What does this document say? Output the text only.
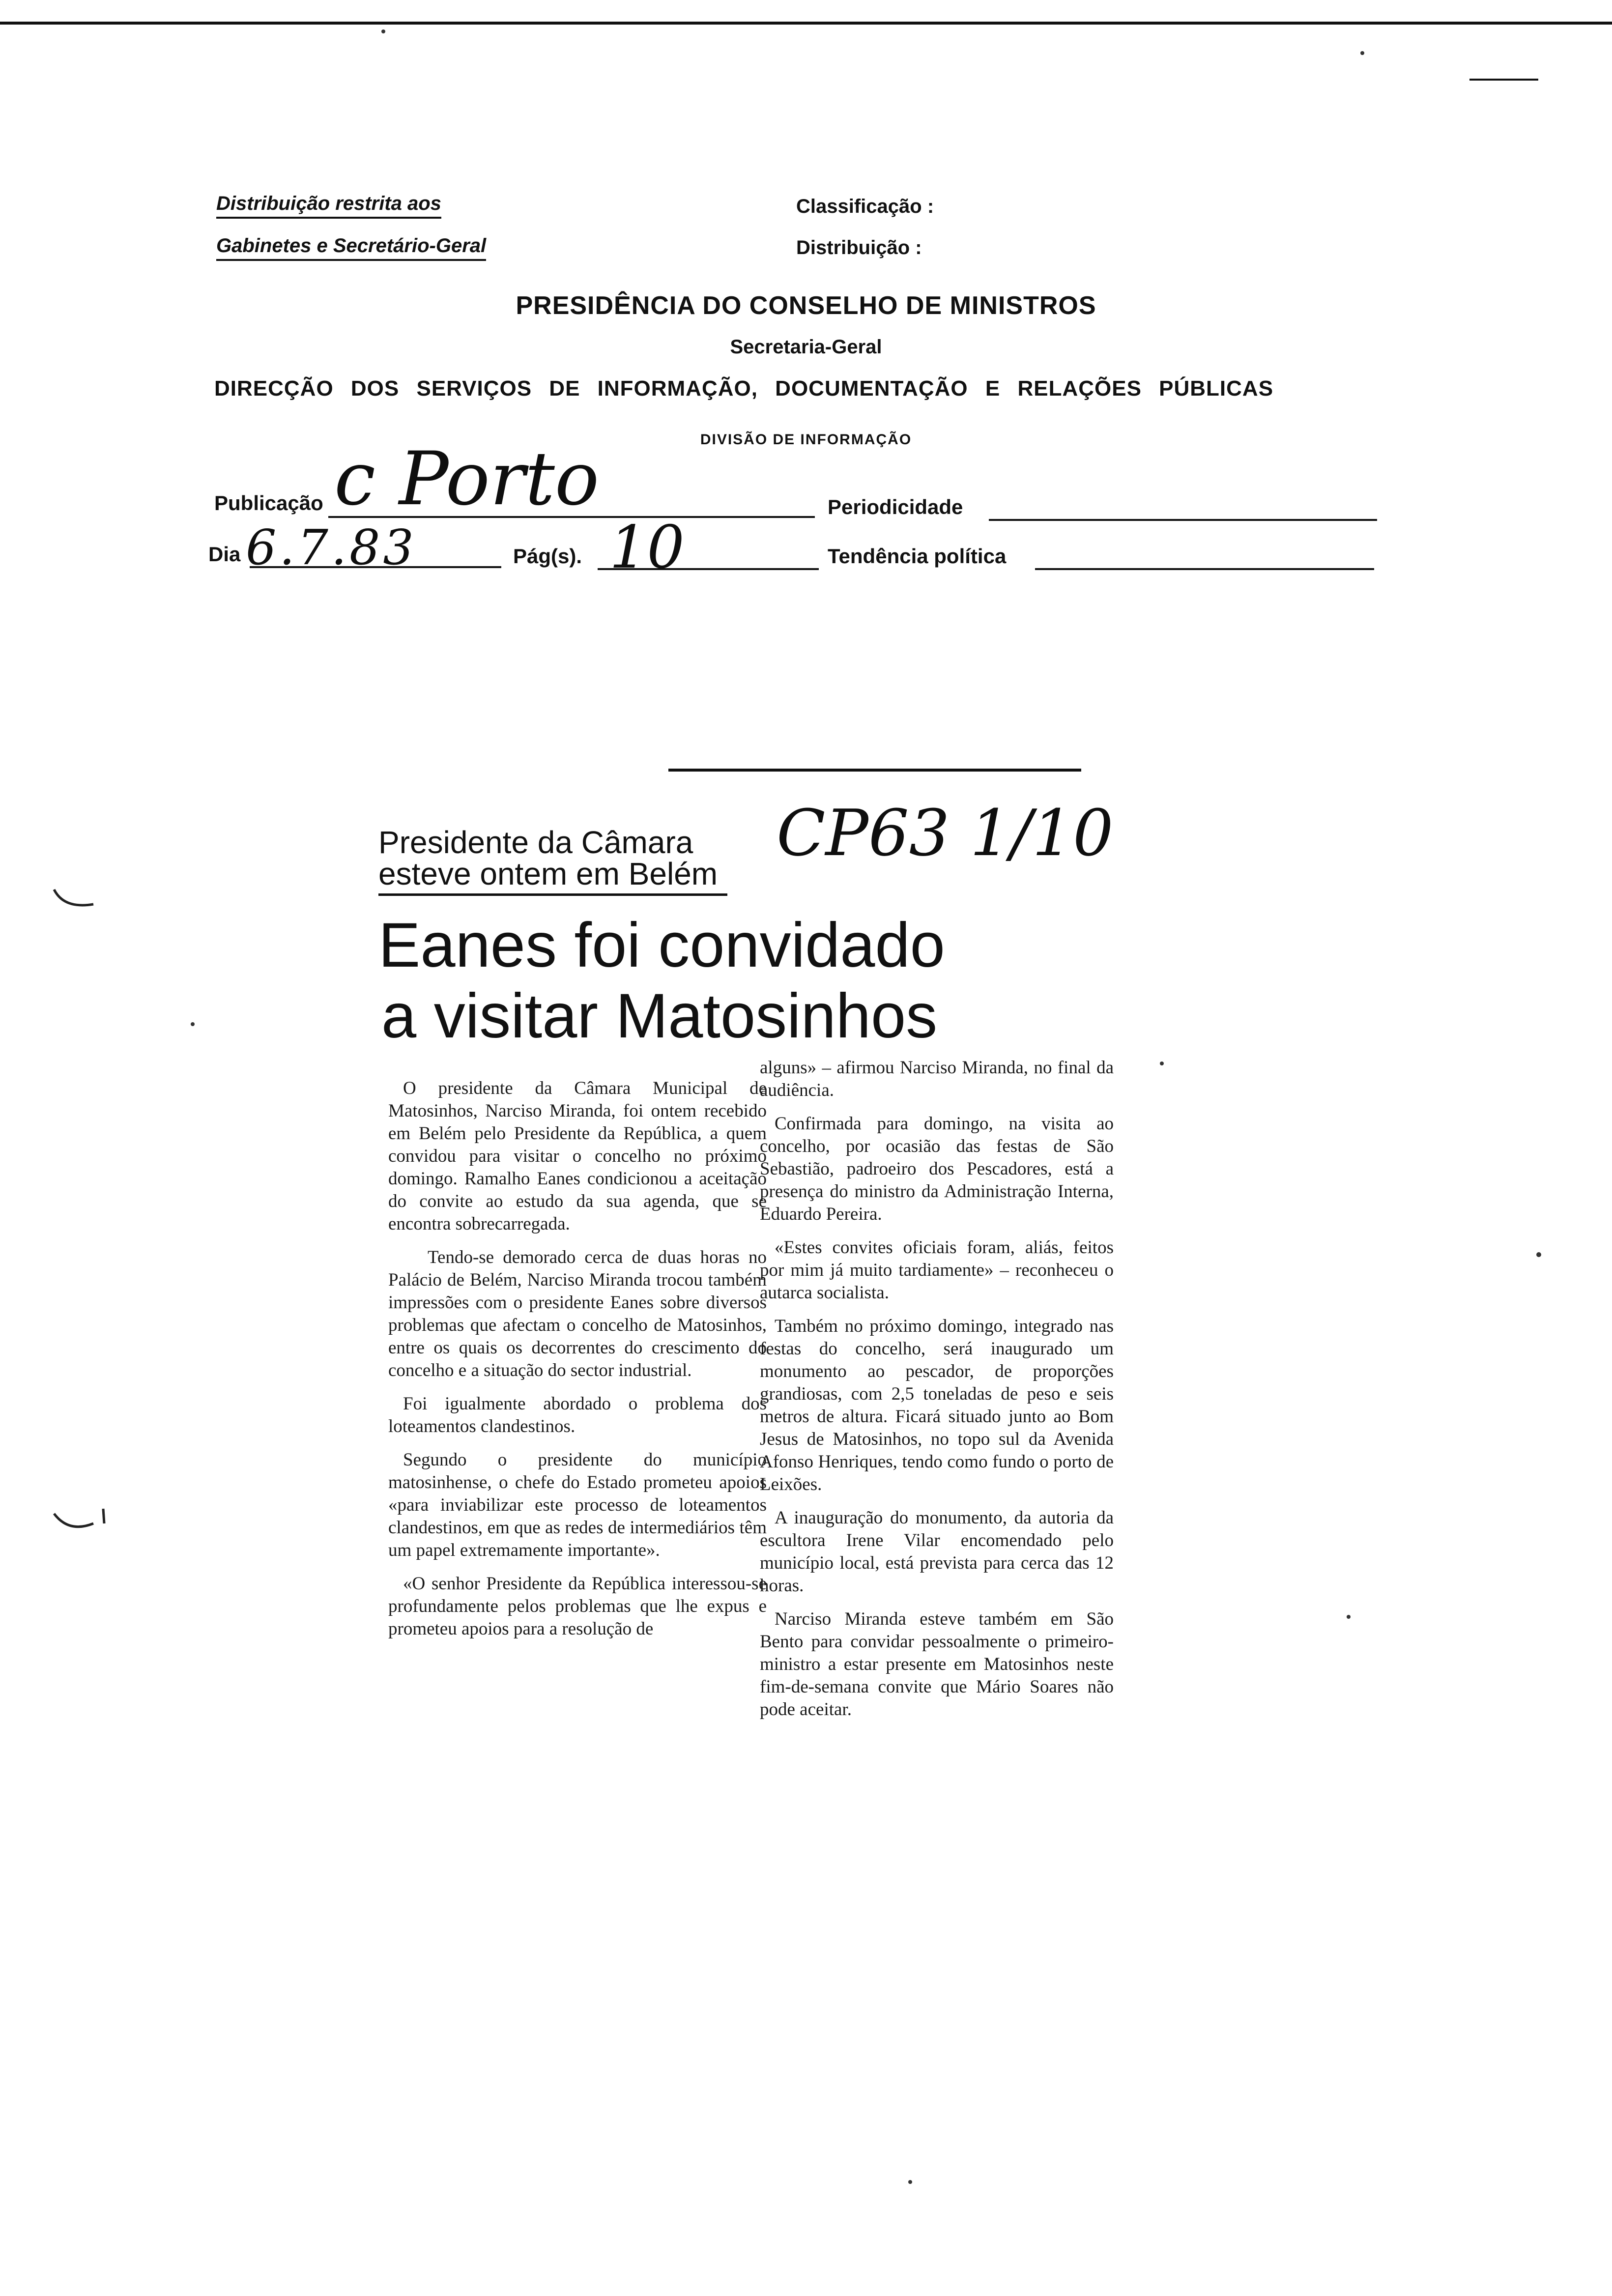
Distribuição restrita aos
Gabinetes e Secretário-Geral
Classificação :
Distribuição :
PRESIDÊNCIA DO CONSELHO DE MINISTROS
Secretaria-Geral
DIRECÇÃO DOS SERVIÇOS DE INFORMAÇÃO, DOCUMENTAÇÃO E RELAÇÕES PÚBLICAS
DIVISÃO DE INFORMAÇÃO
Publicação c Porto	Periodicidade
Dia 6.7.83	Pág(s). 10	Tendência política
CP63 1/10
Presidente da Câmara
esteve ontem em Belém
Eanes foi convidado
a visitar Matosinhos

O presidente da Câmara Municipal de Matosinhos, Narciso Miranda, foi ontem recebido em Belém pelo Presidente da República, a quem convidou para visitar o concelho no próximo domingo. Ramalho Eanes condicionou a aceitação do convite ao estudo da sua agenda, que se encontra sobrecarregada.

Tendo-se demorado cerca de duas horas no Palácio de Belém, Narciso Miranda trocou também impressões com o presidente Eanes sobre diversos problemas que afectam o concelho de Matosinhos, entre os quais os decorrentes do crescimento do concelho e a situação do sector industrial.

Foi igualmente abordado o problema dos loteamentos clandestinos.

Segundo o presidente do município matosinhense, o chefe do Estado prometeu apoios «para inviabilizar este processo de loteamentos clandestinos, em que as redes de intermediários têm um papel extremamente importante».

«O senhor Presidente da República interessou-se profundamente pelos problemas que lhe expus e prometeu apoios para a resolução de

alguns» – afirmou Narciso Miranda, no final da audiência.

Confirmada para domingo, na visita ao concelho, por ocasião das festas de São Sebastião, padroeiro dos Pescadores, está a presença do ministro da Administração Interna, Eduardo Pereira.

«Estes convites oficiais foram, aliás, feitos por mim já muito tardiamente» – reconheceu o autarca socialista.

Também no próximo domingo, integrado nas festas do concelho, será inaugurado um monumento ao pescador, de proporções grandiosas, com 2,5 toneladas de peso e seis metros de altura. Ficará situado junto ao Bom Jesus de Matosinhos, no topo sul da Avenida Afonso Henriques, tendo como fundo o porto de Leixões.

A inauguração do monumento, da autoria da escultora Irene Vilar encomendado pelo município local, está prevista para cerca das 12 horas.

Narciso Miranda esteve também em São Bento para convidar pessoalmente o primeiro-ministro a estar presente em Matosinhos neste fim-de-semana convite que Mário Soares não pode aceitar.
